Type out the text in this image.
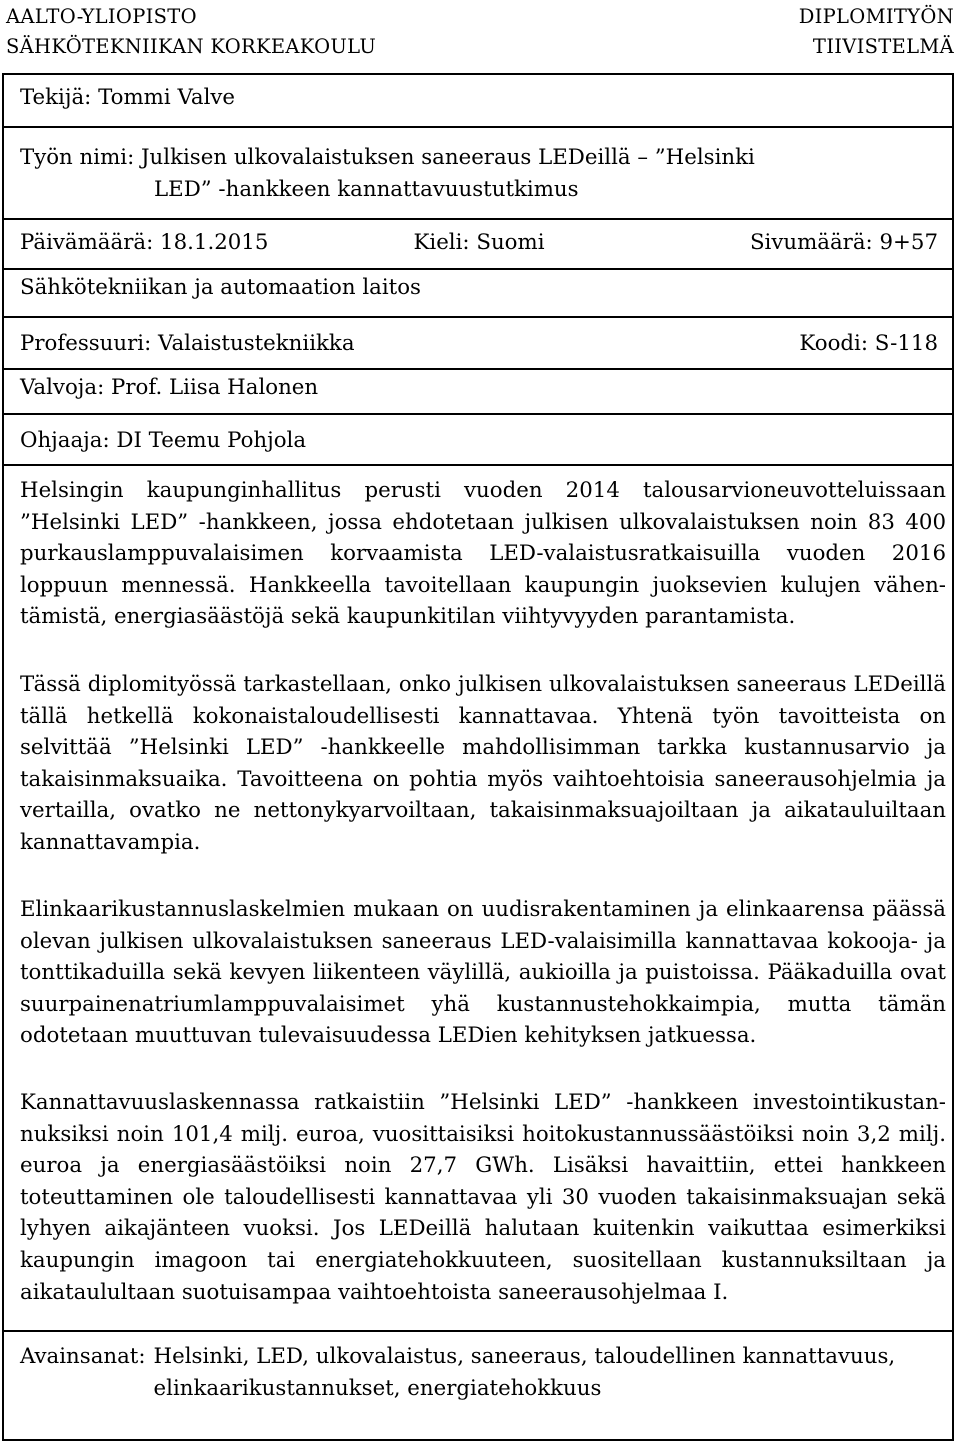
AALTO-YLIOPISTO
SÄHKÖTEKNIIKAN KORKEAKOULU
DIPLOMITYÖN
TIIVISTELMÄ
Tekijä: Tommi Valve
Työn nimi: Julkisen ulkovalaistuksen saneeraus LEDeillä – ”Helsinki
LED” -hankkeen kannattavuustutkimus
Päivämäärä: 18.1.2015	Kieli: Suomi	Sivumäärä: 9+57
Sähkötekniikan ja automaation laitos
Professuuri: Valaistustekniikka	Koodi: S-118
Valvoja: Prof. Liisa Halonen
Ohjaaja: DI Teemu Pohjola
Helsingin kaupunginhallitus perusti vuoden 2014 talousarvioneuvotteluissaan ”Helsinki LED” -hankkeen, jossa ehdotetaan julkisen ulkovalaistuksen noin 83 400 purkauslamppuvalaisimen korvaamista LED-valaistusratkaisuilla vuoden 2016 loppuun mennessä. Hankkeella tavoitellaan kaupungin juoksevien kulujen vähentämistä, energiasäästöjä sekä kaupunkitilan viihtyvyyden parantamista.
Tässä diplomityössä tarkastellaan, onko julkisen ulkovalaistuksen saneeraus LEDeillä tällä hetkellä kokonaistaloudellisesti kannattavaa. Yhtenä työn tavoitteista on selvittää ”Helsinki LED” -hankkeelle mahdollisimman tarkka kustannusarvio ja takaisinmaksuaika. Tavoitteena on pohtia myös vaihtoehtoisia saneerausohjelmia ja vertailla, ovatko ne nettonykyarvoiltaan, takaisinmaksuajoiltaan ja aikatauluiltaan kannattavampia.
Elinkaarikustannuslaskelmien mukaan on uudisrakentaminen ja elinkaarensa päässä olevan julkisen ulkovalaistuksen saneeraus LED-valaisimilla kannattavaa kokooja- ja tonttikaduilla sekä kevyen liikenteen väylillä, aukioilla ja puistoissa. Pääkaduilla ovat suurpainenatriumlamppuvalaisimet yhä kustannustehokkaimpia, mutta tämän odotetaan muuttuvan tulevaisuudessa LEDien kehityksen jatkuessa.
Kannattavuuslaskennassa ratkaistiin ”Helsinki LED” -hankkeen investointikustannuksiksi noin 101,4 milj. euroa, vuosittaisiksi hoitokustannussäästöiksi noin 3,2 milj. euroa ja energiasäästöiksi noin 27,7 GWh. Lisäksi havaittiin, ettei hankkeen toteuttaminen ole taloudellisesti kannattavaa yli 30 vuoden takaisinmaksuajan sekä lyhyen aikajänteen vuoksi. Jos LEDeillä halutaan kuitenkin vaikuttaa esimerkiksi kaupungin imagoon tai energiatehokkuuteen, suositellaan kustannuksiltaan ja aikataulultaan suotuisampaa vaihtoehtoista saneerausohjelmaa I.
Avainsanat: Helsinki, LED, ulkovalaistus, saneeraus, taloudellinen kannattavuus, elinkaarikustannukset, energiatehokkuus
